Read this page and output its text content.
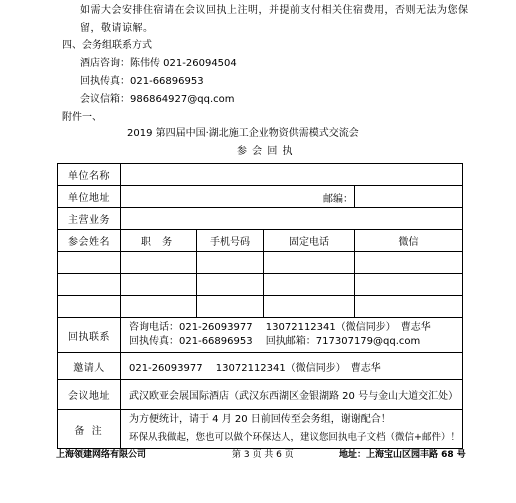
如需大会安排住宿请在会议回执上注明，并提前支付相关住宿费用，否则无法为您保
留，敬请谅解。
四、会务组联系方式
酒店咨询：陈伟传 021-26094504
回执传真：021-66896953
会议信箱：986864927@qq.com
附件一、
2019 第四届中国·湖北施工企业物资供需模式交流会
参 会 回 执
单位名称				
单位地址	邮编：			

主营业务				
参会姓名	职 务	手机号码	固定电话	微信

回执联系	咨询电话：021-26093977　 13072112341（微信同步）　曹志华
回执传真：021-66896953　 回执邮箱：717307179@qq.com			

邀请人	021-26093977　 13072112341（微信同步）　曹志华			
会议地址	武汉欧亚会展国际酒店（武汉东西湖区金银湖路 20 号与金山大道交汇处）			
备 注	为方便统计，请于 4 月 20 日前回传至会务组，谢谢配合！
环保从我做起，您也可以做个环保达人，建议您回执电子文档（微信+邮件）！			
上海领建网络有限公司	第 3 页 共 6 页	地址：上海宝山区园丰路 68 号
